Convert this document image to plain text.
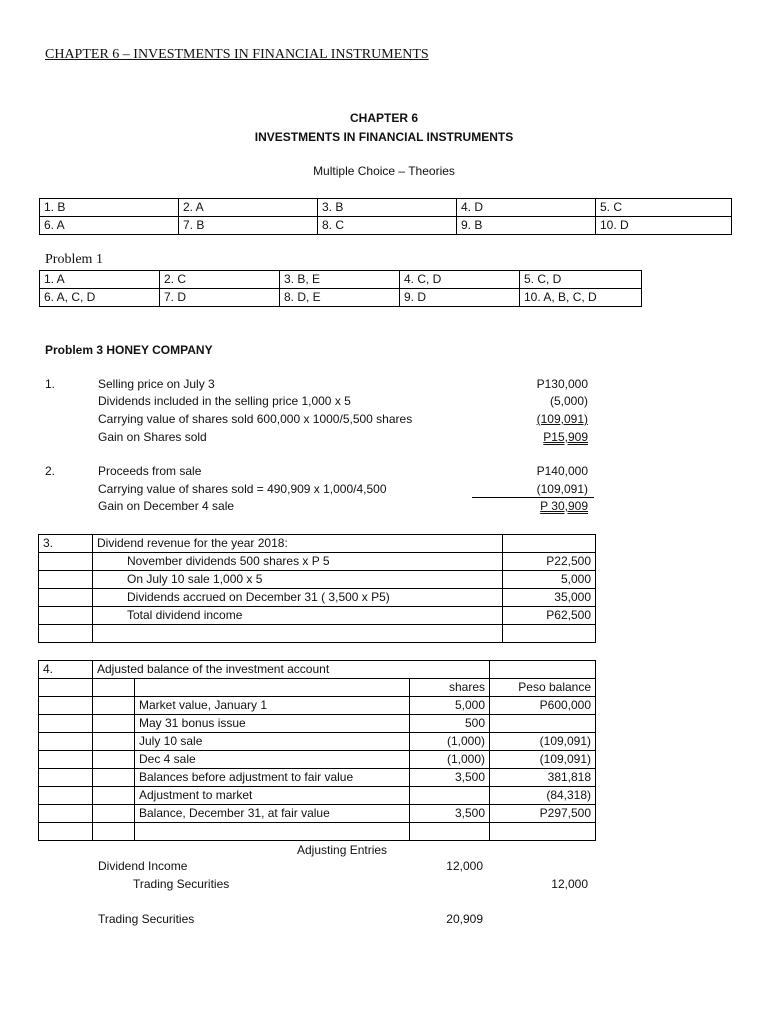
CHAPTER 6 – INVESTMENTS IN FINANCIAL INSTRUMENTS
CHAPTER 6
INVESTMENTS IN FINANCIAL INSTRUMENTS
Multiple Choice – Theories
1. B	2. A	3. B	4. D	5. C
6. A	7. B	8. C	9. B	10. D
Problem 1
1. A	2. C	3. B, E	4. C, D	5. C, D
6. A, C, D	7. D	8. D, E	9. D	10. A, B, C, D
Problem 3 HONEY COMPANY
1.	Selling price on July 3	P130,000
Dividends included in the selling price 1,000 x 5	(5,000)
Carrying value of shares sold 600,000 x 1000/5,500 shares	(109,091)
Gain on Shares sold	P15,909
2.	Proceeds from sale	P140,000
Carrying value of shares sold = 490,909 x 1,000/4,500	(109,091)
Gain on December 4 sale	P 30,909
3.	Dividend revenue for the year 2018:	
	November dividends 500 shares x P 5	P22,500
	On July 10 sale 1,000 x 5	5,000
	Dividends accrued on December 31 ( 3,500 x P5)	35,000
	Total dividend income	P62,500

4.	Adjusted balance of the investment account			
			shares	Peso balance
		Market value, January 1	5,000	P600,000
		May 31 bonus issue	500	
		July 10 sale	(1,000)	(109,091)
		Dec 4 sale	(1,000)	(109,091)
		Balances before adjustment to fair value	3,500	381,818
		Adjustment to market		(84,318)
		Balance, December 31, at fair value	3,500	P297,500

Adjusting Entries
Dividend Income	12,000
Trading Securities	12,000
Trading Securities	20,909
